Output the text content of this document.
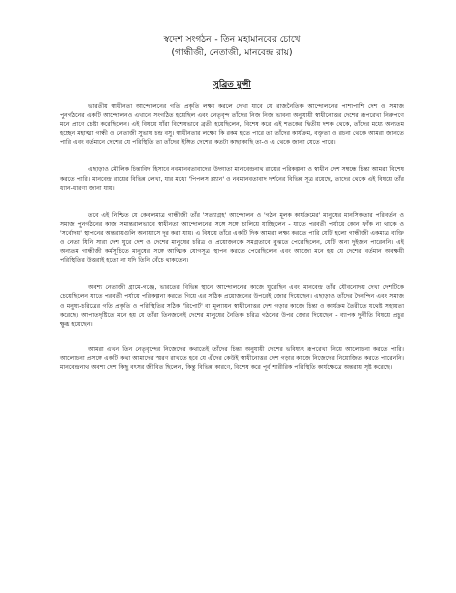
স্বদেশ সংগঠন - তিন মহামানবের চোখে
(গান্ধীজী, নেতাজী, মানবেন্দ্র রায়)
সুব্রিত মুন্সী

ভারতীয় স্বাধীনতা আন্দোলনের গতি প্রকৃতি লক্ষ্য করলে দেখা যাবে যে রাজনৈতিক আন্দোলনের পাশাপাশি দেশ ও সমাজ পুনর্গঠনের একটি আন্দোলনও এখানে সংগঠিত হয়েছিল এবং নেতৃবৃন্দ তাঁদের নিজ নিজ ভাবনা অনুযায়ী স্বাধীনোত্তর দেশের রূপরেখা নিরুপণে মনে প্রাণে চেষ্টা করেছিলেন। এই বিষয়ে যাঁরা বিশেষভাবে ব্রতী হয়েছিলেন, বিশেষ করে এই শতকের দ্বিতীয় দশক থেকে, তাঁদের মধ্যে অন্যতম হচ্ছেন মহাত্মা গান্ধী ও নেতাজী সুভাষ চন্দ্র বসু। স্বাধীনতার লক্ষ্যে কি রকম হতে পারে তা তাঁদের কার্যক্রম, বক্তৃতা ও রচনা থেকে আমরা জানতে পারি এবং বর্তমানে দেশের যে পরিস্থিতি তা তাঁদের ইঙ্গিত দেশের কতটা কাছাকাছি তা-ও এ থেকে জানা যেতে পারে।

এছাড়াও মৌলিক চিন্তাবিদ হিসাবে নবমানবতাবাদের উদ্গাতা মানবেন্দ্রনাথ রায়ের পরিকল্পনা ও স্বাধীন দেশ সম্বন্ধে চিন্তা আমরা বিশেষ করতে পারি। মানবেন্দ্র রায়ের বিভিন্ন লেখা, যার মধ্যে 'পিপলস প্ল্যান' ও নবমানবতাবাদ দর্শনের বিভিন্ন সূত্র রয়েছে, তাদের থেকে এই বিষয়ে তাঁর ধ্যান-ধারণা জানা যায়।

তবে এই নিশ্চিত যে কেবলমাত্র গান্ধীজী তাঁর 'সত্যাগ্রহ' আন্দোলন ও 'গঠন মূলক কার্যক্রমের' মানুষের মানসিকতার পরিবর্তন ও সমাজ পুনর্গঠনের কাজ সমান্তরালভাবে স্বাধীনতা আন্দোলনের সঙ্গে সঙ্গে চালিয়ে যাচ্ছিলেন - যাতে পরবর্তী পর্যায়ে কোন ফাঁক না থাকে ও 'সর্বোদয়' স্থাপনের অন্তরায়গুলি অনায়াসে দূর করা যায়। এ বিষয়ে তাঁরে একটি দিক আমরা লক্ষ্য করতে পারি যেটি হলো গান্ধীজী একমাত্র ব্যক্তি ও নেতা যিনি সারা দেশ ঘুরে দেশ ও দেশের মানুষের চরিত্র ও প্রয়োজনকে সমগ্রতাবে বুঝতে পেরেছিলেন, যেটি অন্য দুইজন পারেননি। এই অন্যতম গান্ধীজী কর্মসূচিতে মানুষের সঙ্গে আত্মিক যোগসূত্র স্থাপন করতে পেরেছিলেন এবং আজো মনে হয় যে দেশের বর্তমান অবক্ষয়ী পরিস্থিতির উত্তরাই হতো না যদি তিনি বেঁচে থাকতেন।

অবশ্য নেতাজী গ্রামে-গঞ্জে, ভারতের বিভিন্ন স্থানে আন্দোলনের কাজে ঘুরেছিন এবং মানবেন্দ্র তাঁর যৌবনোদয় দেখা দেশটিকে চেয়েছিলেন যাতে পরবর্তী পর্যায়ে পরিকল্পনা করতে গিয়ে এর সঠিক প্রয়োজনের উপরেই জোর দিয়েছেন। এছাড়াও তাঁদের দৈনন্দিন এবং সমাজ ও মনুষ্য-চরিত্রের গতি প্রকৃতি ও পরিস্থিতির সঠিক 'রিপোর্ট' বা মূল্যায়ন স্বাধীনোত্তর দেশ গড়ার কাজে চিন্তা ও কার্যক্রম তৈরীতে যথেষ্ট সহায়তা করেছে। আপাতদৃষ্টিতে মনে হয় যে তাঁরা তিনজনেই দেশের মানুষের নৈতিক চরিত্র গঠনের উপর জোর দিয়েছেন - ব্যাপক দুর্নীতি বিষয়ে প্রচুর ক্ষুব্ধ হয়েছেন।

আমরা এখন তিন নেতৃবৃন্দের নিজেদের কথাতেই তাঁদের চিন্তা অনুযায়ী দেশের ভবিষ্যৎ রূপরেখা নিয়ে আলোচনা করতে পারি। আলোচনা প্রসঙ্গে একটি কথা আমাদের স্মরণ রাখতে হবে যে এঁদের কেউই স্বাধীনোত্তর দেশ গড়ার কাজে নিজেদের নিয়োজিত করতে পারেননি। মানবেন্দ্রনাথ অবশ্য দেশ কিছু বৎসর জীবিত ছিলেন, কিন্তু বিভিন্ন কারণে, বিশেষ করে পূর্ব শারীরিক পরিস্থিতি কার্যক্ষেত্রে অন্তরায় সৃষ্ট করেছে।
